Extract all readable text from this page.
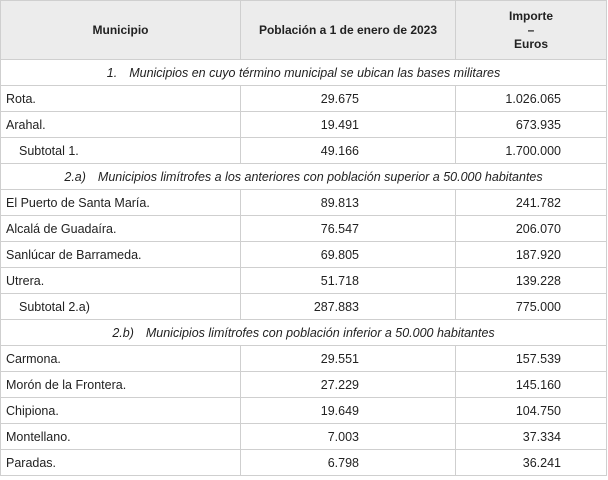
Municipio	Población a 1 de enero de 2023	Importe
–
Euros

1. Municipios en cuyo término municipal se ubican las bases militares		
Rota.	29.675	1.026.065
Arahal.	19.491	673.935
Subtotal 1.	49.166	1.700.000
2.a) Municipios limítrofes a los anteriores con población superior a 50.000 habitantes		
El Puerto de Santa María.	89.813	241.782
Alcalá de Guadaíra.	76.547	206.070
Sanlúcar de Barrameda.	69.805	187.920
Utrera.	51.718	139.228
Subtotal 2.a)	287.883	775.000
2.b) Municipios limítrofes con población inferior a 50.000 habitantes		
Carmona.	29.551	157.539
Morón de la Frontera.	27.229	145.160
Chipiona.	19.649	104.750
Montellano.	7.003	37.334
Paradas.	6.798	36.241
